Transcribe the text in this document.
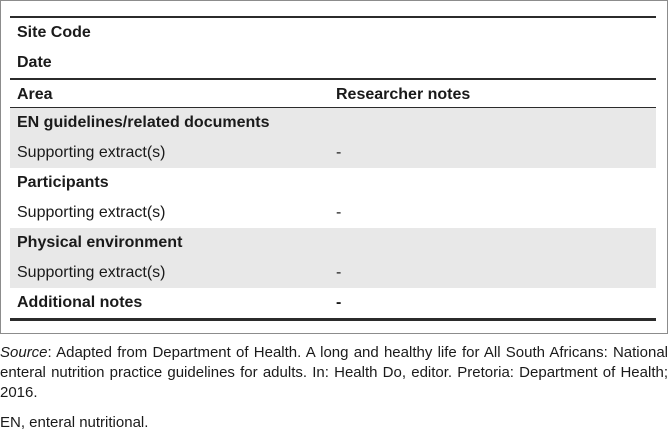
Site Code
Date
Area	Researcher notes
EN guidelines/related documents
Supporting extract(s)	-
Participants
Supporting extract(s)	-
Physical environment
Supporting extract(s)	-
Additional notes	-

Source: Adapted from Department of Health. A long and healthy life for All South Africans: National enteral nutrition practice guidelines for adults. In: Health Do, editor. Pretoria: Department of Health; 2016.

EN, enteral nutritional.
